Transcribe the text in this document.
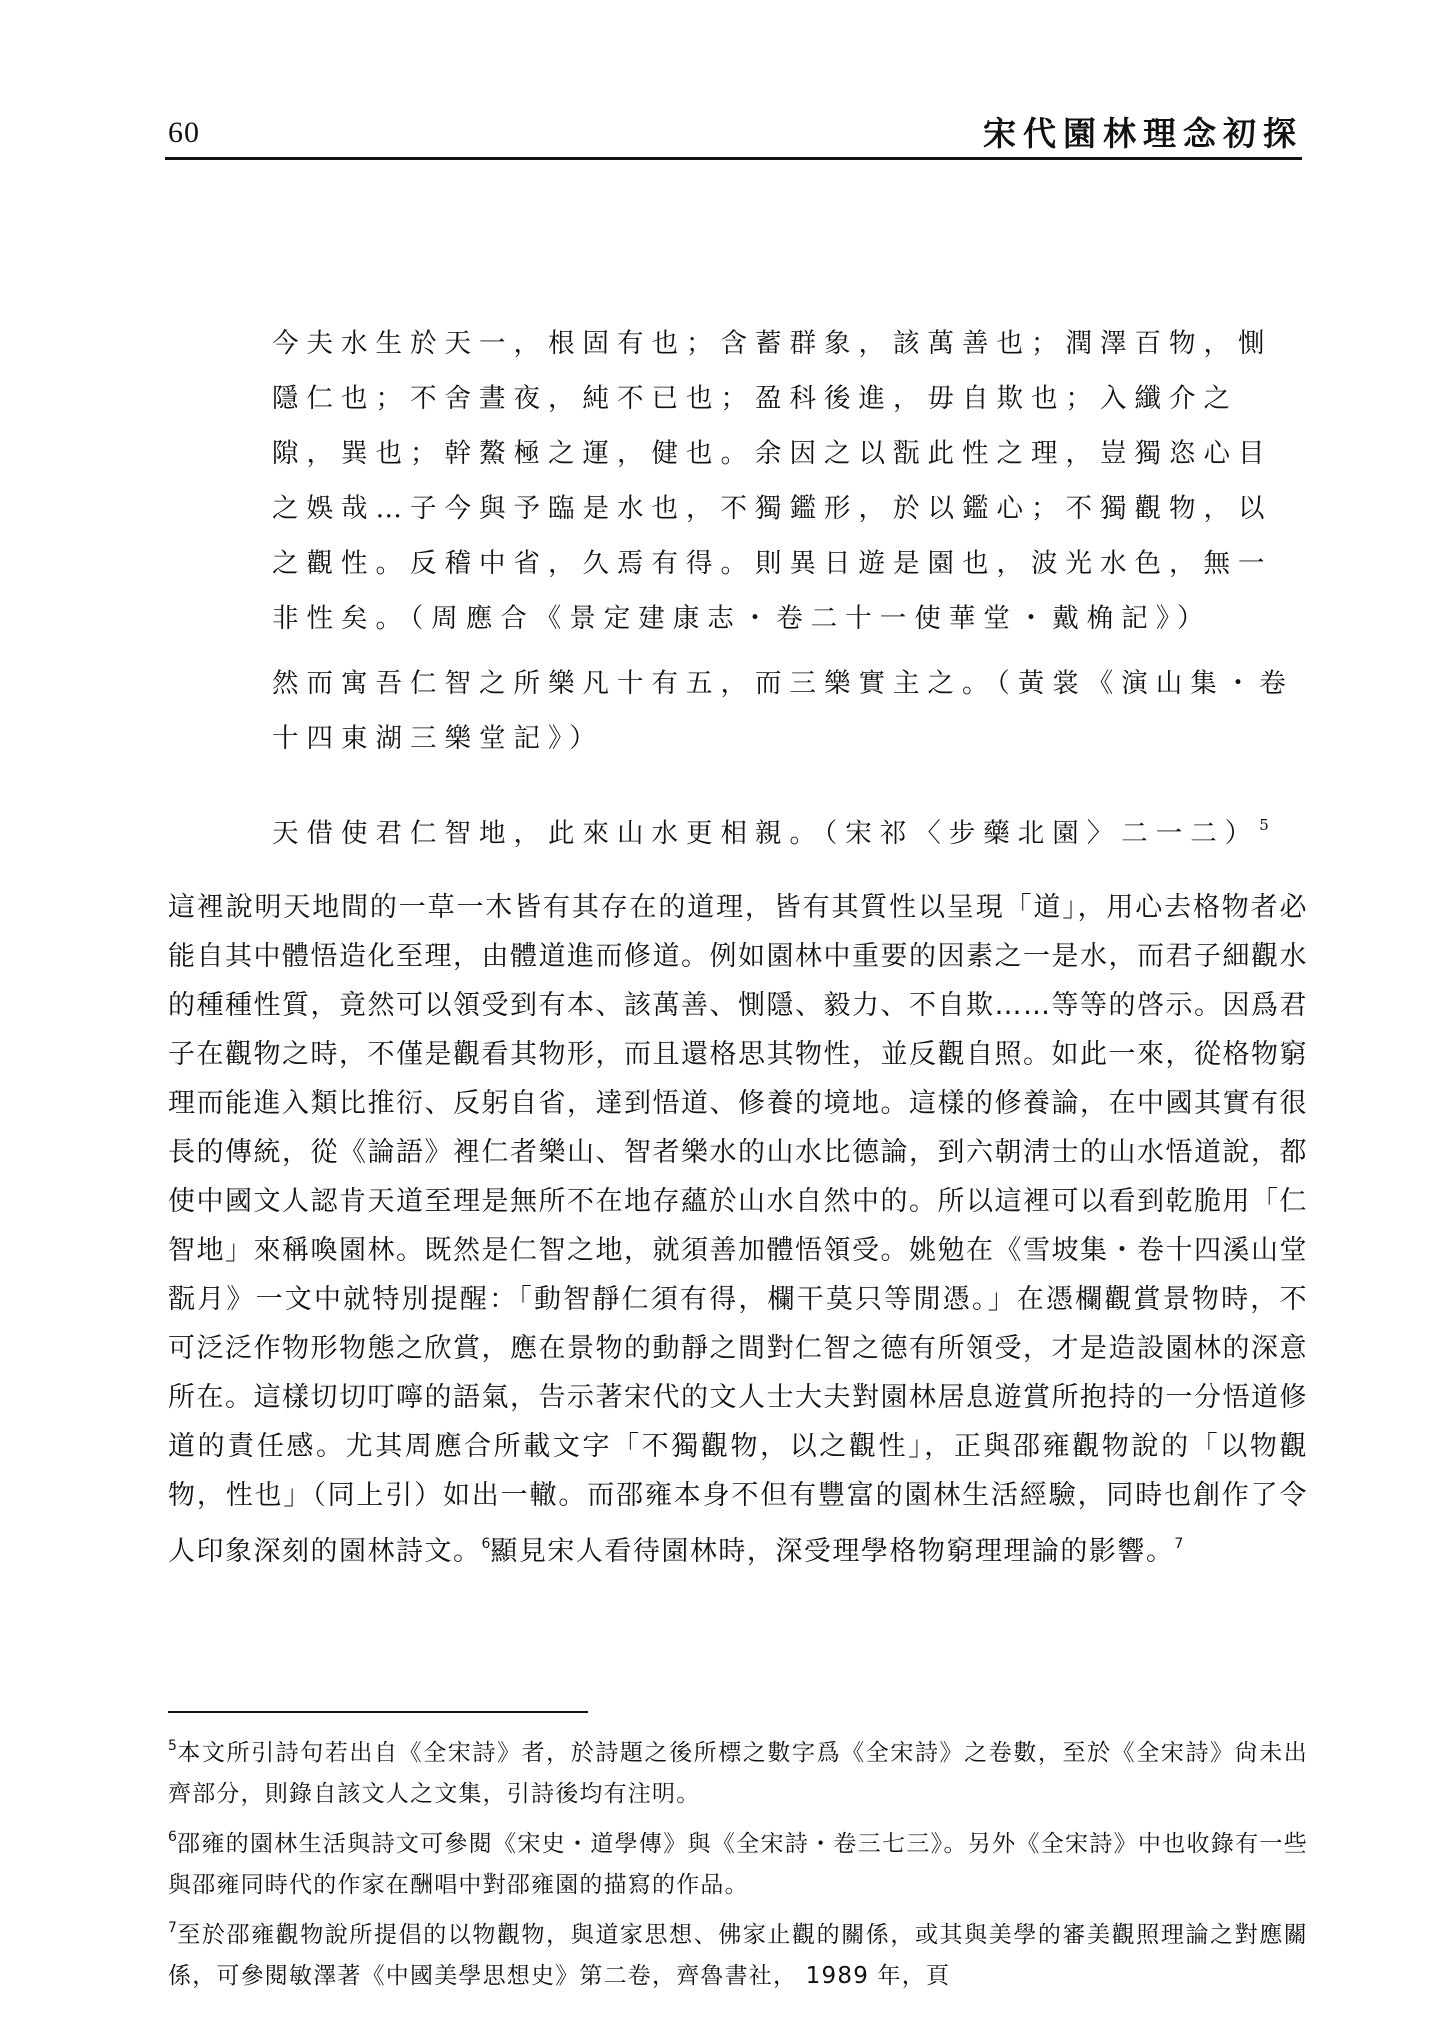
60	宋代園林理念初探
今夫水生於天一，根固有也；含蓄群象，該萬善也；潤澤百物，惻隱仁也；不舍晝夜，純不已也；盈科後進，毋自欺也；入纖介之隙，巽也；幹鰲極之運，健也。余因之以翫此性之理，豈獨恣心目之娛哉…子今與予臨是水也，不獨鑑形，於以鑑心；不獨觀物，以之觀性。反稽中省，久焉有得。則異日遊是園也，波光水色，無一非性矣。（周應合《景定建康志・卷二十一使華堂・戴桷記》）
然而寓吾仁智之所樂凡十有五，而三樂實主之。（黃裳《演山集・卷十四東湖三樂堂記》）
天借使君仁智地，此來山水更相親。（宋祁〈步藥北園〉二一二）$^5$
這裡說明天地間的一草一木皆有其存在的道理，皆有其質性以呈現「道」，用心去格物者必能自其中體悟造化至理，由體道進而修道。例如園林中重要的因素之一是水，而君子細觀水的種種性質，竟然可以領受到有本、該萬善、惻隱、毅力、不自欺……等等的啓示。因爲君子在觀物之時，不僅是觀看其物形，而且還格思其物性，並反觀自照。如此一來，從格物窮理而能進入類比推衍、反躬自省，達到悟道、修養的境地。這樣的修養論，在中國其實有很長的傳統，從《論語》裡仁者樂山、智者樂水的山水比德論，到六朝淸士的山水悟道說，都使中國文人認肯天道至理是無所不在地存蘊於山水自然中的。所以這裡可以看到乾脆用「仁智地」來稱喚園林。既然是仁智之地，就須善加體悟領受。姚勉在《雪坡集・卷十四溪山堂翫月》一文中就特別提醒：「動智靜仁須有得，欄干莫只等閒憑。」在憑欄觀賞景物時，不可泛泛作物形物態之欣賞，應在景物的動靜之間對仁智之德有所領受，才是造設園林的深意所在。這樣切切叮嚀的語氣，告示著宋代的文人士大夫對園林居息遊賞所抱持的一分悟道修道的責任感。尤其周應合所載文字「不獨觀物，以之觀性」，正與邵雍觀物說的「以物觀物，性也」（同上引）如出一轍。而邵雍本身不但有豐富的園林生活經驗，同時也創作了令人印象深刻的園林詩文。$^6$顯見宋人看待園林時，深受理學格物窮理理論的影響。$^7$

$^5$本文所引詩句若出自《全宋詩》者，於詩題之後所標之數字爲《全宋詩》之卷數，至於《全宋詩》尙未出齊部分，則錄自該文人之文集，引詩後均有注明。

$^6$邵雍的園林生活與詩文可參閱《宋史・道學傳》與《全宋詩・卷三七三》。另外《全宋詩》中也收錄有一些與邵雍同時代的作家在酬唱中對邵雍園的描寫的作品。

$^7$至於邵雍觀物說所提倡的以物觀物，與道家思想、佛家止觀的關係，或其與美學的審美觀照理論之對應關係，可參閱敏澤著《中國美學思想史》第二卷，齊魯書社， 1989 年，頁
